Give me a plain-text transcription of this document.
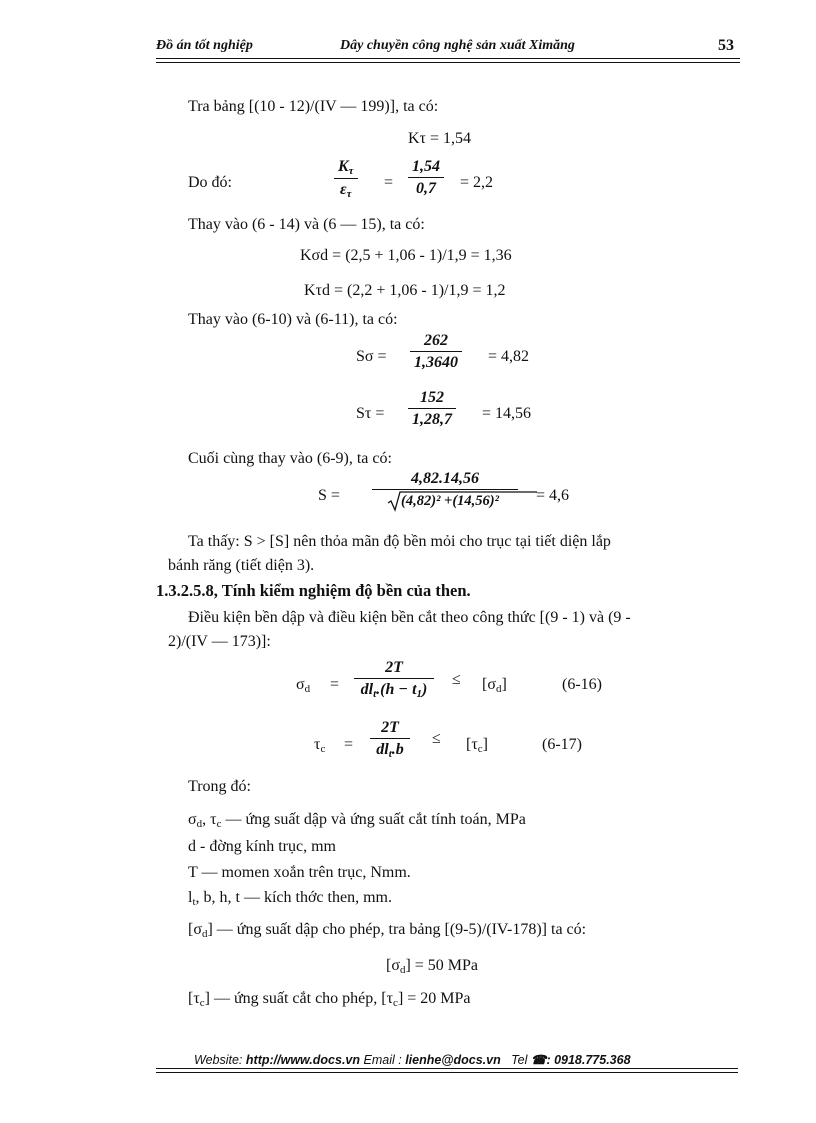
Đồ án tốt nghiệp	Dây chuyền công nghệ sản xuất Ximăng	53
Tra bảng [(10 - 12)/(IV — 199)], ta có:
Kτ = 1,54
Do đó:
$K_\tau$
$\varepsilon_\tau$
=
1,54
0,7 = 2,2
Thay vào (6 - 14) và (6 — 15), ta có:
Kσd = (2,5 + 1,06 - 1)/1,9 = 1,36
Kτd = (2,2 + 1,06 - 1)/1,9 = 1,2
Thay vào (6-10) và (6-11), ta có:
Sσ =
262
1,3640 = 4,82
Sτ =
152
1,28,7 = 14,56
Cuối cùng thay vào (6-9), ta có:
S =
4,82.14,56
(4,82)² +(14,56)² = 4,6
Ta thấy: S > [S] nên thỏa mãn độ bền mỏi cho trục tại tiết diện lắp
bánh răng (tiết diện 3).
1.3.2.5.8, Tính kiểm nghiệm độ bền của then.
Điều kiện bền dập và điều kiện bền cắt theo công thức [(9 - 1) và (9 -
2)/(IV — 173)]:
$\sigma_d$ =
2T
$dl_t.(h - t_1)$
≤ $[\sigma_d]$	(6-16)
$\tau_c$ =
2T
$dl_t.b$
≤ $[\tau_c]$	(6-17)
Trong đó:
$\sigma_d$, $\tau_c$ — ứng suất dập và ứng suất cắt tính toán, MPa
d - đờng kính trục, mm
T — momen xoắn trên trục, Nmm.
$l_t$, b, h, t — kích thớc then, mm.
$[\sigma_d]$ — ứng suất dập cho phép, tra bảng [(9-5)/(IV-178)] ta có:
$[\sigma_d] = 50$ MPa
$[\tau_c]$ — ứng suất cắt cho phép, $[\tau_c] = 20$ MPa
Website: http://www.docs.vn Email : lienhe@docs.vn Tel ☎: 0918.775.368
